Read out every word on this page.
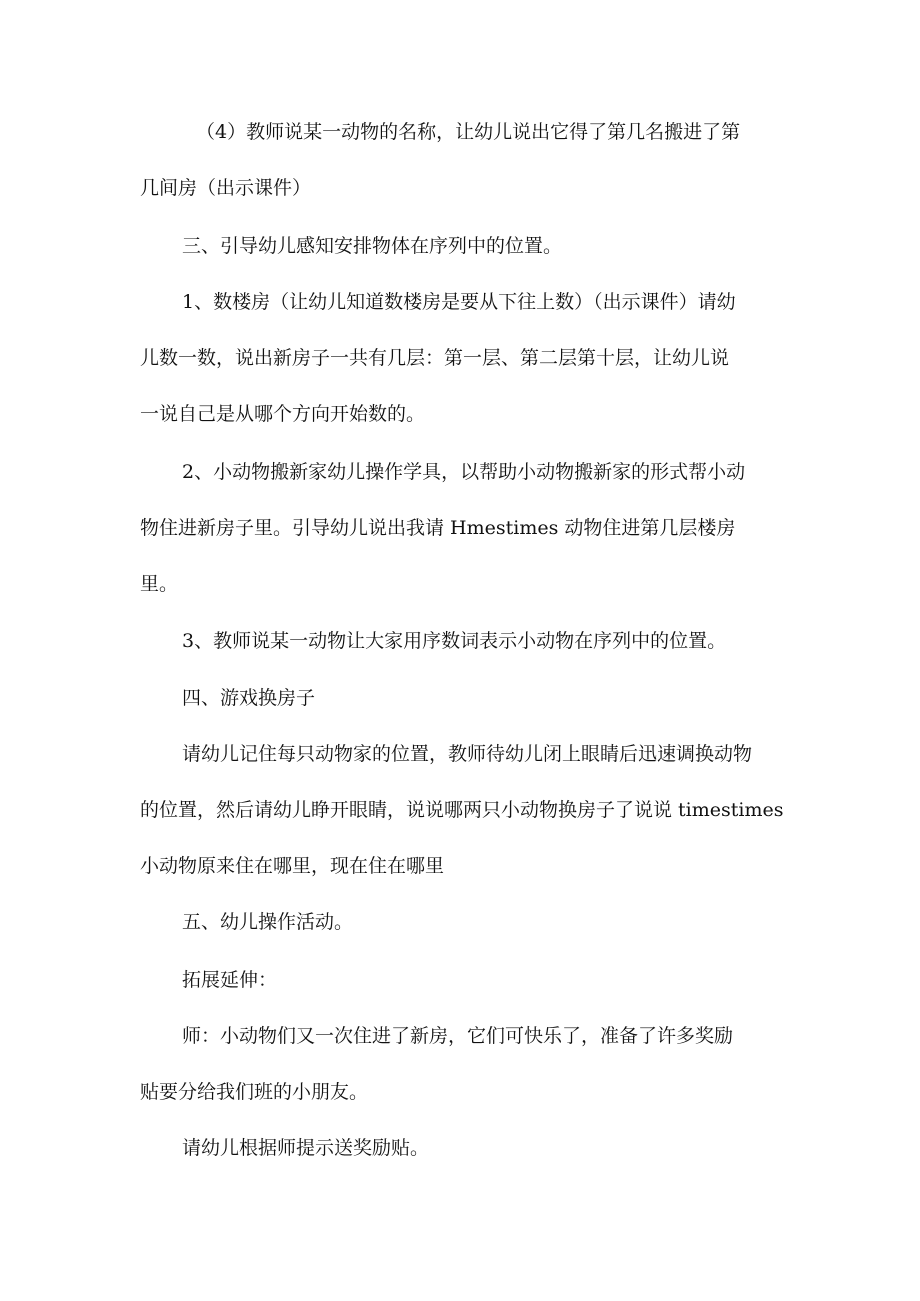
（4）教师说某一动物的名称，让幼儿说出它得了第几名搬进了第
几间房（出示课件）
三、引导幼儿感知安排物体在序列中的位置。
1、数楼房（让幼儿知道数楼房是要从下往上数）（出示课件）请幼
儿数一数，说出新房子一共有几层：第一层、第二层第十层，让幼儿说
一说自己是从哪个方向开始数的。
2、小动物搬新家幼儿操作学具，以帮助小动物搬新家的形式帮小动
物住进新房子里。引导幼儿说出我请 Hmestimes 动物住进第几层楼房
里。
3、教师说某一动物让大家用序数词表示小动物在序列中的位置。
四、游戏换房子
请幼儿记住每只动物家的位置，教师待幼儿闭上眼睛后迅速调换动物
的位置，然后请幼儿睁开眼睛，说说哪两只小动物换房子了说说 timestimes
小动物原来住在哪里，现在住在哪里
五、幼儿操作活动。
拓展延伸：
师：小动物们又一次住进了新房，它们可快乐了，准备了许多奖励
贴要分给我们班的小朋友。
请幼儿根据师提示送奖励贴。
